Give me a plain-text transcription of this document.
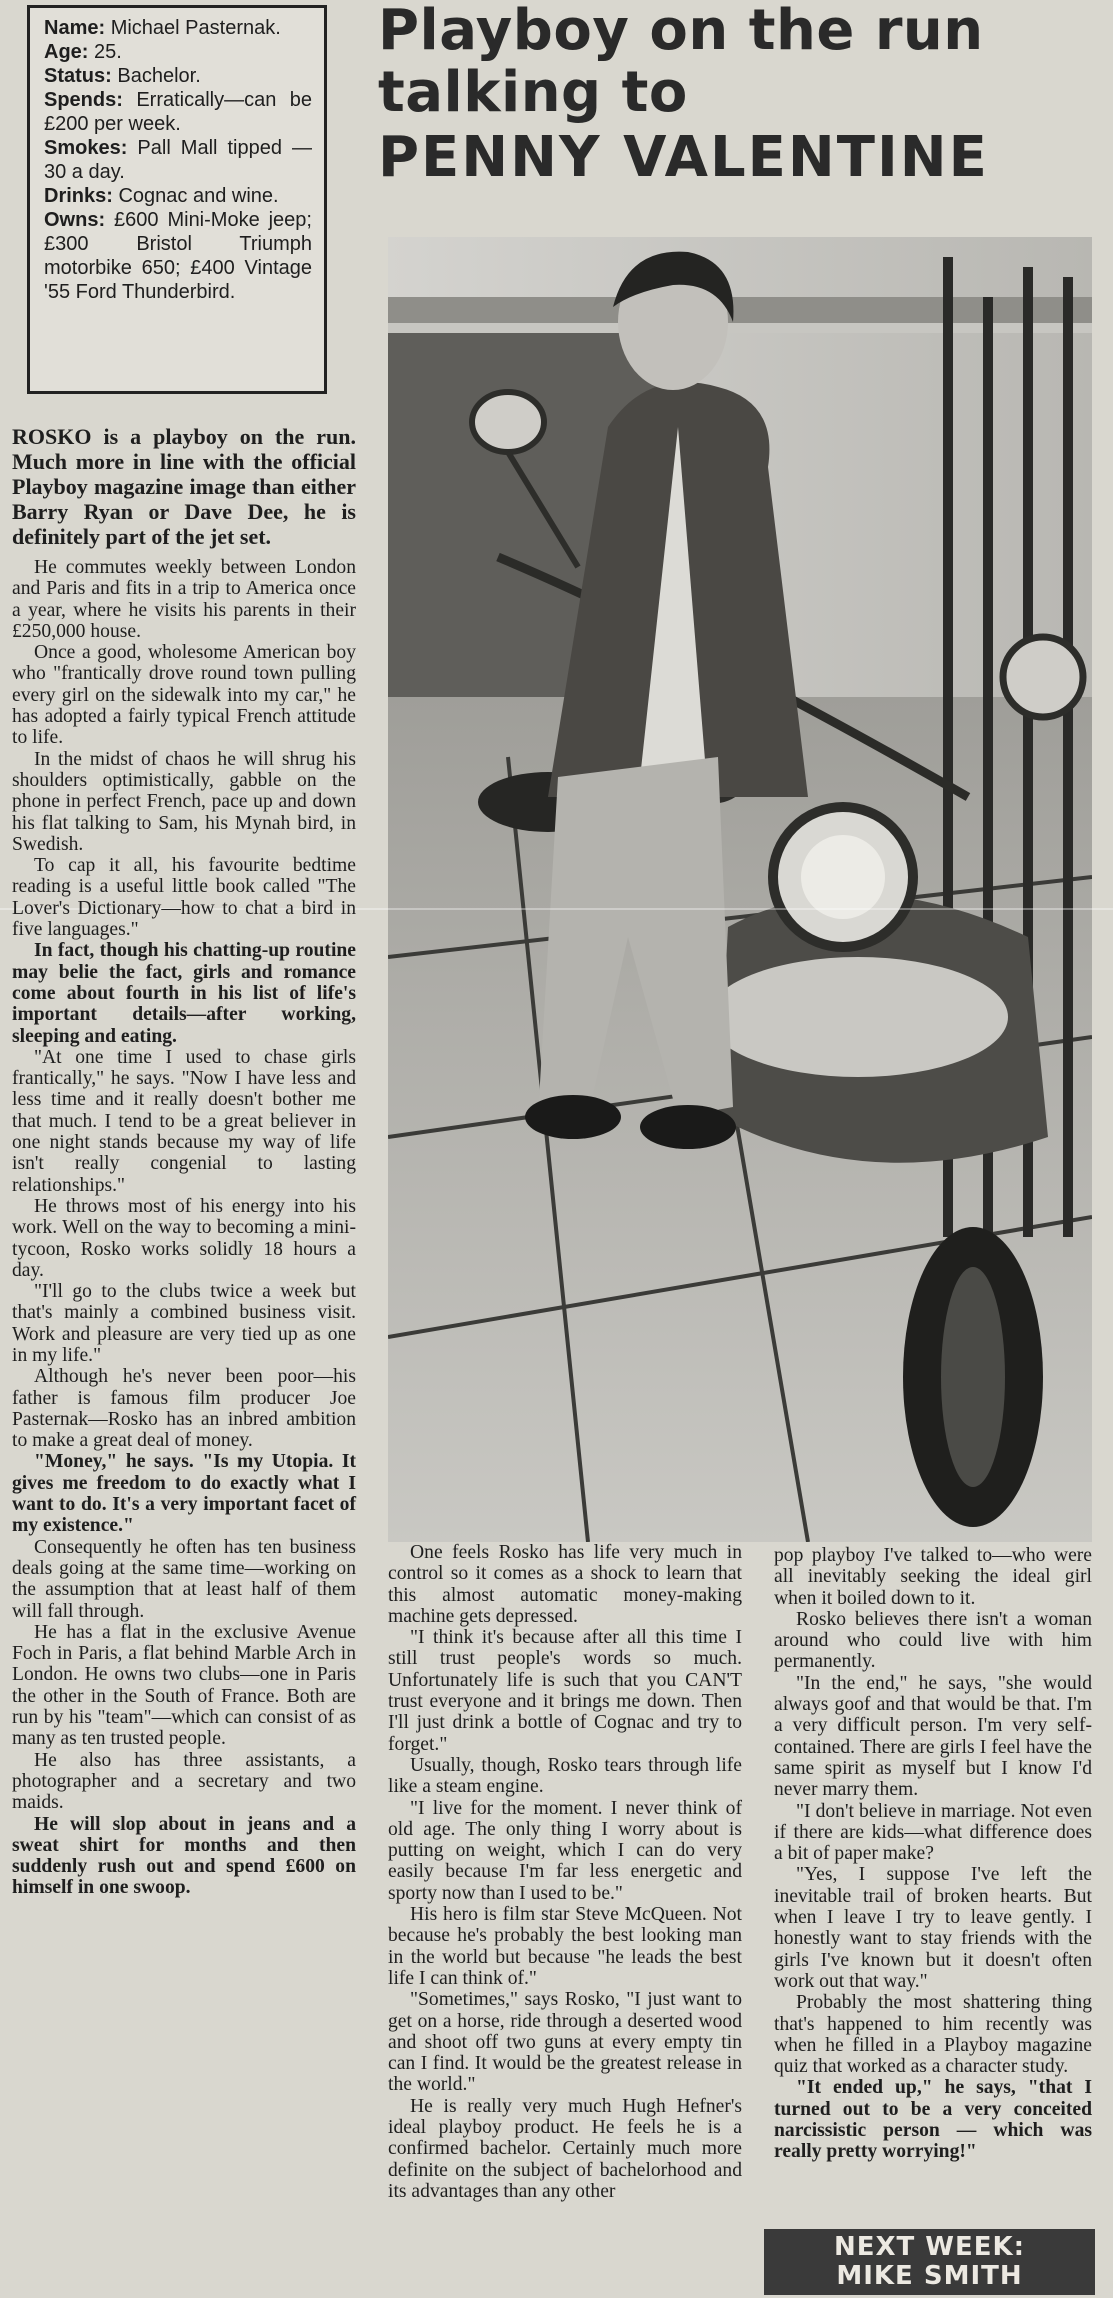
Name: Michael Pasternak.

Age: 25.

Status: Bachelor.

Spends: Erratically—can be £200 per week.

Smokes: Pall Mall tipped —30 a day.

Drinks: Cognac and wine.

Owns: £600 Mini-Moke jeep; £300 Bristol Triumph motorbike 650; £400 Vintage '55 Ford Thunderbird.

Playboy on the run
talking to
PENNY VALENTINE

ROSKO is a playboy on the run. Much more in line with the official Playboy magazine image than either Barry Ryan or Dave Dee, he is definitely part of the jet set.

He commutes weekly between London and Paris and fits in a trip to America once a year, where he visits his parents in their £250,000 house.

Once a good, wholesome American boy who "frantically drove round town pulling every girl on the sidewalk into my car," he has adopted a fairly typical French attitude to life.

In the midst of chaos he will shrug his shoulders optimistically, gabble on the phone in perfect French, pace up and down his flat talking to Sam, his Mynah bird, in Swedish.

To cap it all, his favourite bedtime reading is a useful little book called "The Lover's Dictionary—how to chat a bird in five languages."

In fact, though his chatting-up routine may belie the fact, girls and romance come about fourth in his list of life's important details—after working, sleeping and eating.

"At one time I used to chase girls frantically," he says. "Now I have less and less time and it really doesn't bother me that much. I tend to be a great believer in one night stands because my way of life isn't really congenial to lasting relationships."

He throws most of his energy into his work. Well on the way to becoming a mini-tycoon, Rosko works solidly 18 hours a day.

"I'll go to the clubs twice a week but that's mainly a combined business visit. Work and pleasure are very tied up as one in my life."

Although he's never been poor—his father is famous film producer Joe Pasternak—Rosko has an inbred ambition to make a great deal of money.

"Money," he says. "Is my Utopia. It gives me freedom to do exactly what I want to do. It's a very important facet of my existence."

Consequently he often has ten business deals going at the same time—working on the assumption that at least half of them will fall through.

He has a flat in the exclusive Avenue Foch in Paris, a flat behind Marble Arch in London. He owns two clubs—one in Paris the other in the South of France. Both are run by his "team"—which can consist of as many as ten trusted people.

He also has three assistants, a photographer and a secretary and two maids.

He will slop about in jeans and a sweat shirt for months and then suddenly rush out and spend £600 on himself in one swoop.

One feels Rosko has life very much in control so it comes as a shock to learn that this almost automatic money-making machine gets depressed.

"I think it's because after all this time I still trust people's words so much. Unfortunately life is such that you CAN'T trust everyone and it brings me down. Then I'll just drink a bottle of Cognac and try to forget."

Usually, though, Rosko tears through life like a steam engine.

"I live for the moment. I never think of old age. The only thing I worry about is putting on weight, which I can do very easily because I'm far less energetic and sporty now than I used to be."

His hero is film star Steve McQueen. Not because he's probably the best looking man in the world but because "he leads the best life I can think of."

"Sometimes," says Rosko, "I just want to get on a horse, ride through a deserted wood and shoot off two guns at every empty tin can I find. It would be the greatest release in the world."

He is really very much Hugh Hefner's ideal playboy product. He feels he is a confirmed bachelor. Certainly much more definite on the subject of bachelorhood and its advantages than any other

pop playboy I've talked to—who were all inevitably seeking the ideal girl when it boiled down to it.

Rosko believes there isn't a woman around who could live with him permanently.

"In the end," he says, "she would always goof and that would be that. I'm a very difficult person. I'm very self-contained. There are girls I feel have the same spirit as myself but I know I'd never marry them.

"I don't believe in marriage. Not even if there are kids—what difference does a bit of paper make?

"Yes, I suppose I've left the inevitable trail of broken hearts. But when I leave I try to leave gently. I honestly want to stay friends with the girls I've known but it doesn't often work out that way."

Probably the most shattering thing that's happened to him recently was when he filled in a Playboy magazine quiz that worked as a character study.

"It ended up," he says, "that I turned out to be a very conceited narcissistic person — which was really pretty worrying!"

NEXT WEEK:
MIKE SMITH
